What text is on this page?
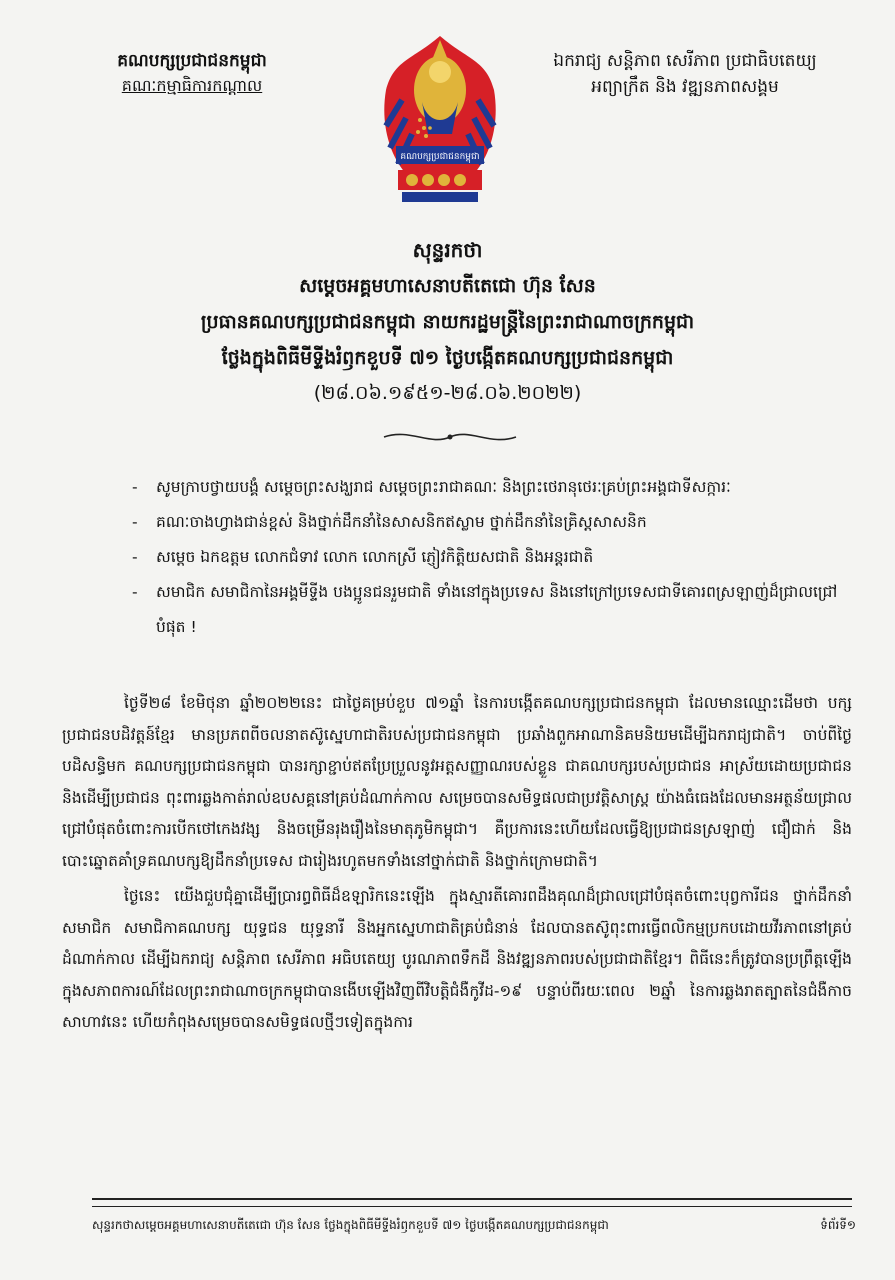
គណបក្សប្រជាជនកម្ពុជា
គណៈកម្មាធិការកណ្តាល
គណបក្សប្រជាជនកម្ពុជា
ឯករាជ្យ សន្តិភាព សេរីភាព ប្រជាធិបតេយ្យ
អព្យាក្រឹត និង វឌ្ឍនភាពសង្គម
សុន្ទរកថា
សម្តេចអគ្គមហាសេនាបតីតេជោ ហ៊ុន សែន
ប្រធានគណបក្សប្រជាជនកម្ពុជា នាយករដ្ឋមន្ត្រីនៃព្រះរាជាណាចក្រកម្ពុជា
ថ្លែងក្នុងពិធីមីទ្ទីងរំឭកខួបទី ៧១ ថ្ងៃបង្កើតគណបក្សប្រជាជនកម្ពុជា
(២៨.០៦.១៩៥១-២៨.០៦.២០២២)
- សូមក្រាបថ្វាយបង្គំ សម្តេចព្រះសង្ឃរាជ សម្តេចព្រះរាជាគណៈ និងព្រះថេរានុថេរៈគ្រប់ព្រះអង្គជាទីសក្ការៈ
- គណៈចាងហ្វាងជាន់ខ្ពស់ និងថ្នាក់ដឹកនាំនៃសាសនិកឥស្លាម ថ្នាក់ដឹកនាំនៃគ្រិស្តសាសនិក
- សម្តេច ឯកឧត្តម លោកជំទាវ លោក លោកស្រី ភ្ញៀវកិត្តិយសជាតិ និងអន្តរជាតិ
- សមាជិក សមាជិកានៃអង្គមីទ្ទីង បងប្អូនជនរួមជាតិ ទាំងនៅក្នុងប្រទេស និងនៅក្រៅប្រទេសជាទីគោរពស្រឡាញ់ដ៏ជ្រាលជ្រៅបំផុត !

ថ្ងៃទី២៨ ខែមិថុនា ឆ្នាំ២០២២នេះ ជាថ្ងៃគម្រប់ខួប ៧១ឆ្នាំ នៃការបង្កើតគណបក្សប្រជាជនកម្ពុជា ដែលមានឈ្មោះដើមថា បក្សប្រជាជនបដិវត្តន៍ខ្មែរ មានប្រភពពីចលនាតស៊ូស្នេហាជាតិរបស់ប្រជាជនកម្ពុជា ប្រឆាំងពួកអាណានិគមនិយមដើម្បីឯករាជ្យជាតិ។ ចាប់ពីថ្ងៃបដិសន្ធិមក គណបក្សប្រជាជនកម្ពុជា បានរក្សាខ្ជាប់ឥតប្រែប្រួលនូវអត្តសញ្ញាណរបស់ខ្លួន ជាគណបក្សរបស់ប្រជាជន អាស្រ័យដោយប្រជាជន និងដើម្បីប្រជាជន ពុះពារឆ្លងកាត់រាល់ឧបសគ្គនៅគ្រប់ដំណាក់កាល សម្រេចបានសមិទ្ធផលជាប្រវត្តិសាស្ត្រ យ៉ាងធំធេងដែលមានអត្ថន័យជ្រាលជ្រៅបំផុតចំពោះការបើកថៅកេងវង្ស និងចម្រើនរុងរឿងនៃមាតុភូមិកម្ពុជា។ គឺប្រការនេះហើយដែលធ្វើឱ្យប្រជាជនស្រឡាញ់ ជឿជាក់ និងបោះឆ្នោតគាំទ្រគណបក្សឱ្យដឹកនាំប្រទេស ជារៀងរហូតមកទាំងនៅថ្នាក់ជាតិ និងថ្នាក់ក្រោមជាតិ។

ថ្ងៃនេះ យើងជួបជុំគ្នាដើម្បីប្រារព្ធពិធីដ៏ឧឡារិកនេះឡើង ក្នុងស្មារតីគោរពដឹងគុណដ៏ជ្រាលជ្រៅបំផុតចំពោះបុព្វការីជន ថ្នាក់ដឹកនាំ សមាជិក សមាជិកាគណបក្ស យុទ្ធជន យុទ្ធនារី និងអ្នកស្នេហាជាតិគ្រប់ជំនាន់ ដែលបានតស៊ូពុះពារធ្វើពលិកម្មប្រកបដោយវីរភាពនៅគ្រប់ដំណាក់កាល ដើម្បីឯករាជ្យ សន្តិភាព សេរីភាព អធិបតេយ្យ បូរណភាពទឹកដី និងវឌ្ឍនភាពរបស់ប្រជាជាតិខ្មែរ។ ពិធីនេះក៏ត្រូវបានប្រព្រឹត្តឡើង ក្នុងសភាពការណ៍ដែលព្រះរាជាណាចក្រកម្ពុជាបានងើបឡើងវិញពីវិបត្តិជំងឺកូវីដ-១៩ បន្ទាប់ពីរយៈពេល ២ឆ្នាំ នៃការឆ្លងរាតត្បាតនៃជំងឺកាចសាហាវនេះ ហើយកំពុងសម្រេចបានសមិទ្ធផលថ្មីៗទៀតក្នុងការ

សុន្ទរកថាសម្តេចអគ្គមហាសេនាបតីតេជោ ហ៊ុន សែន ថ្លែងក្នុងពិធីមីទ្ទីងរំឭកខួបទី ៧១ ថ្ងៃបង្កើតគណបក្សប្រជាជនកម្ពុជា	ទំព័រទី១
